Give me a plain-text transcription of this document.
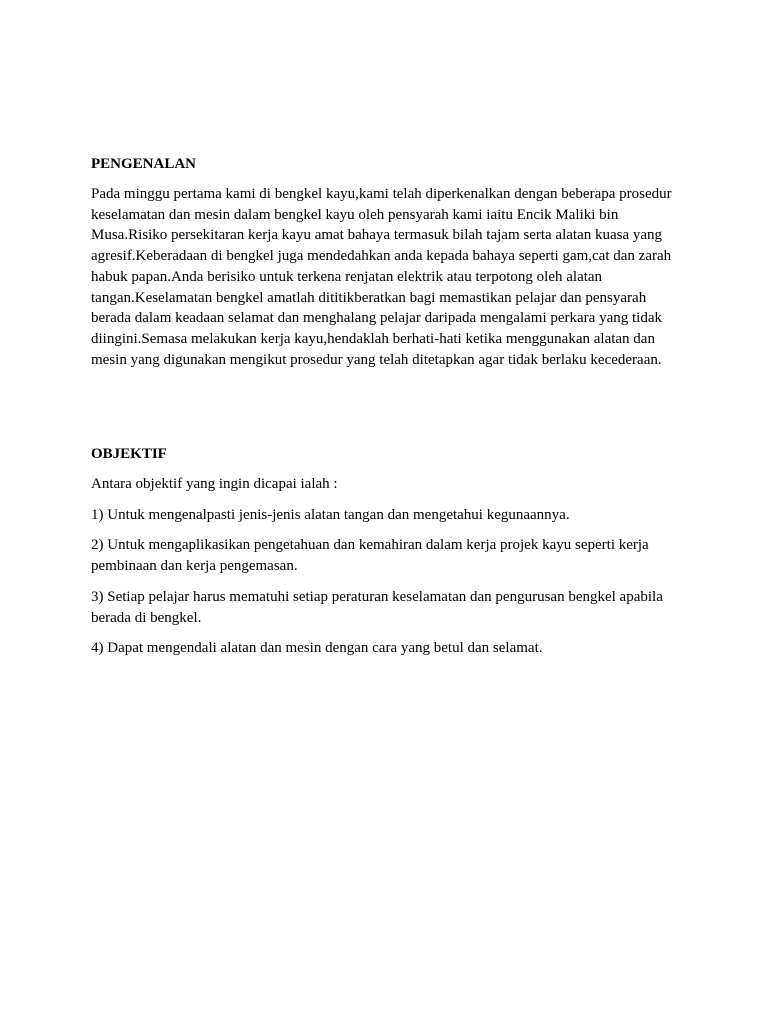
PENGENALAN

Pada minggu pertama kami di bengkel kayu,kami telah diperkenalkan dengan beberapa prosedur keselamatan dan mesin dalam bengkel kayu oleh pensyarah kami iaitu Encik Maliki bin Musa.Risiko persekitaran kerja kayu amat bahaya termasuk bilah tajam serta alatan kuasa yang agresif.Keberadaan di bengkel juga mendedahkan anda kepada bahaya seperti gam,cat dan zarah habuk papan.Anda berisiko untuk terkena renjatan elektrik atau terpotong oleh alatan tangan.Keselamatan bengkel amatlah dititikberatkan bagi memastikan pelajar dan pensyarah berada dalam keadaan selamat dan menghalang pelajar daripada mengalami perkara yang tidak diingini.Semasa melakukan kerja kayu,hendaklah berhati-hati ketika menggunakan alatan dan mesin yang digunakan mengikut prosedur yang telah ditetapkan agar tidak berlaku kecederaan.

OBJEKTIF

Antara objektif yang ingin dicapai ialah :

1) Untuk mengenalpasti jenis-jenis alatan tangan dan mengetahui kegunaannya.

2) Untuk mengaplikasikan pengetahuan dan kemahiran dalam kerja projek kayu seperti kerja pembinaan dan kerja pengemasan.

3) Setiap pelajar harus mematuhi setiap peraturan keselamatan dan pengurusan bengkel apabila berada di bengkel.

4) Dapat mengendali alatan dan mesin dengan cara yang betul dan selamat.
